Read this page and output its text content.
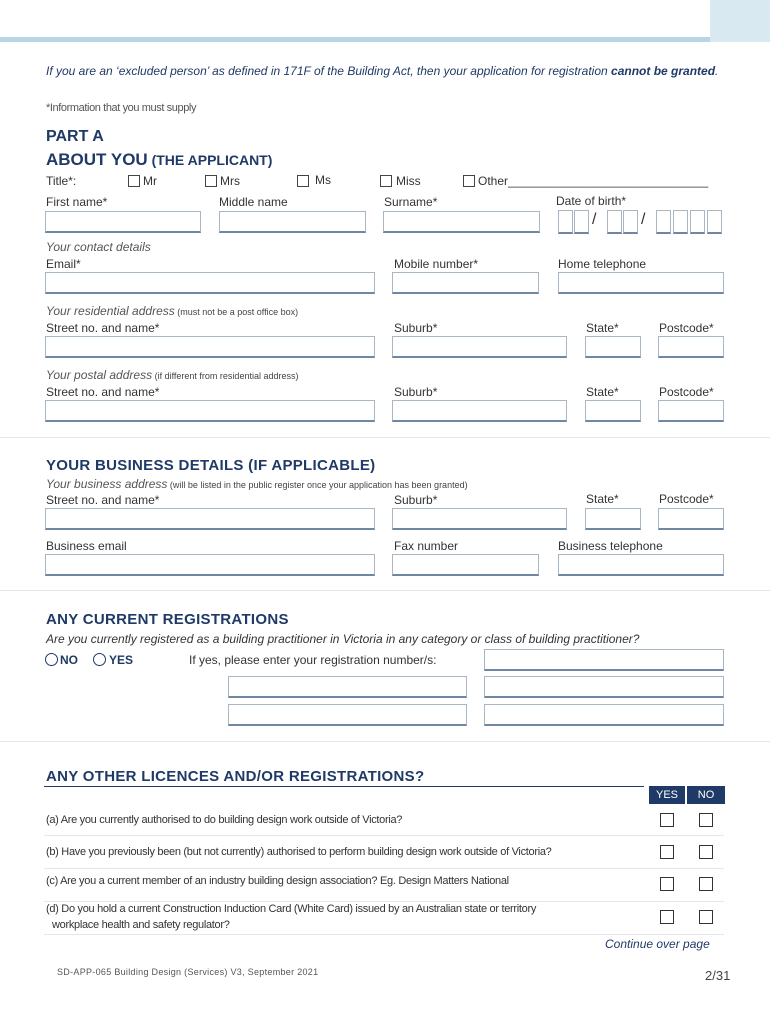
If you are an ‘excluded person’ as defined in 171F of the Building Act, then your application for registration cannot be granted.
*Information that you must supply
PART A
ABOUT YOU (THE APPLICANT)
Title*:	Mr	Mrs	Ms	Miss	Other______________________________
First name*	Middle name	Surname*	Date of birth*
/	/
Your contact details
Email*	Mobile number*	Home telephone
Your residential address (must not be a post office box)
Street no. and name*	Suburb*	State*	Postcode*
Your postal address (if different from residential address)
Street no. and name*	Suburb*	State*	Postcode*
YOUR BUSINESS DETAILS (IF APPLICABLE)
Your business address (will be listed in the public register once your application has been granted)
Street no. and name*	Suburb*	State*	Postcode*
Business email	Fax number	Business telephone
ANY CURRENT REGISTRATIONS
Are you currently registered as a building practitioner in Victoria in any category or class of building practitioner?
NO	YES	If yes, please enter your registration number/s:
ANY OTHER LICENCES AND/OR REGISTRATIONS?
YES	NO
(a) Are you currently authorised to do building design work outside of Victoria?
(b) Have you previously been (but not currently) authorised to perform building design work outside of Victoria?
(c) Are you a current member of an industry building design association? Eg. Design Matters National
(d) Do you hold a current Construction Induction Card (White Card) issued by an Australian state or territory
workplace health and safety regulator?
Continue over page
SD-APP-065 Building Design (Services) V3, September 2021	2/31
